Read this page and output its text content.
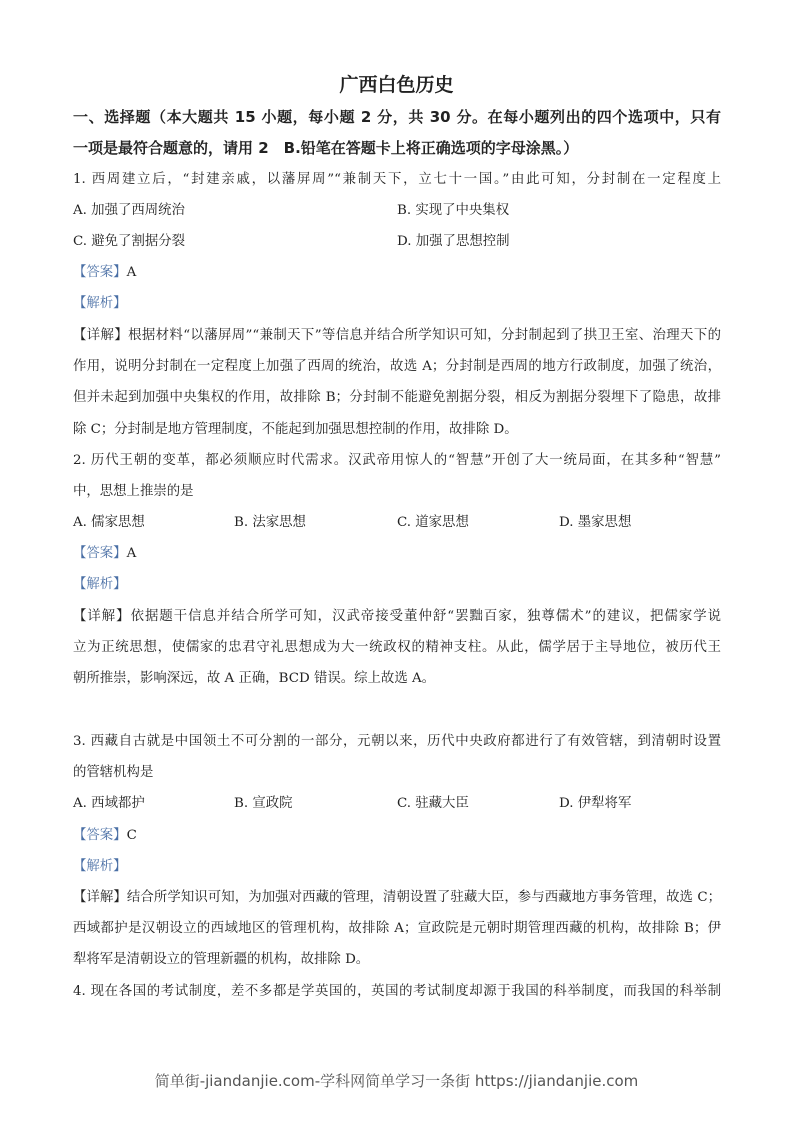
广西白色历史
一、选择题（本大题共 15 小题，每小题 2 分，共 30 分。在每小题列出的四个选项中，只有
一项是最符合题意的，请用 2　B.铅笔在答题卡上将正确选项的字母涂黑。）
1. 西周建立后，“封建亲戚，以藩屏周”“兼制天下，立七十一国。”由此可知，分封制在一定程度上
A. 加强了西周统治	B. 实现了中央集权
C. 避免了割据分裂	D. 加强了思想控制
【答案】A
【解析】
【详解】根据材料“以藩屏周”“兼制天下”等信息并结合所学知识可知，分封制起到了拱卫王室、治理天下的
作用，说明分封制在一定程度上加强了西周的统治，故选 A；分封制是西周的地方行政制度，加强了统治，
但并未起到加强中央集权的作用，故排除 B；分封制不能避免割据分裂，相反为割据分裂埋下了隐患，故排
除 C；分封制是地方管理制度，不能起到加强思想控制的作用，故排除 D。
2. 历代王朝的变革，都必须顺应时代需求。汉武帝用惊人的“智慧”开创了大一统局面，在其多种“智慧”
中，思想上推崇的是
A. 儒家思想	B. 法家思想	C. 道家思想	D. 墨家思想
【答案】A
【解析】
【详解】依据题干信息并结合所学可知，汉武帝接受董仲舒“罢黜百家，独尊儒术”的建议，把儒家学说
立为正统思想，使儒家的忠君守礼思想成为大一统政权的精神支柱。从此，儒学居于主导地位，被历代王
朝所推崇，影响深远，故 A 正确，BCD 错误。综上故选 A。
3. 西藏自古就是中国领土不可分割的一部分，元朝以来，历代中央政府都进行了有效管辖，到清朝时设置
的管辖机构是
A. 西域都护	B. 宣政院	C. 驻藏大臣	D. 伊犁将军
【答案】C
【解析】
【详解】结合所学知识可知，为加强对西藏的管理，清朝设置了驻藏大臣，参与西藏地方事务管理，故选 C；
西域都护是汉朝设立的西域地区的管理机构，故排除 A；宣政院是元朝时期管理西藏的机构，故排除 B；伊
犁将军是清朝设立的管理新疆的机构，故排除 D。
4. 现在各国的考试制度，差不多都是学英国的，英国的考试制度却源于我国的科举制度，而我国的科举制
简单街-jiandanjie.com-学科网简单学习一条街 https://jiandanjie.com
